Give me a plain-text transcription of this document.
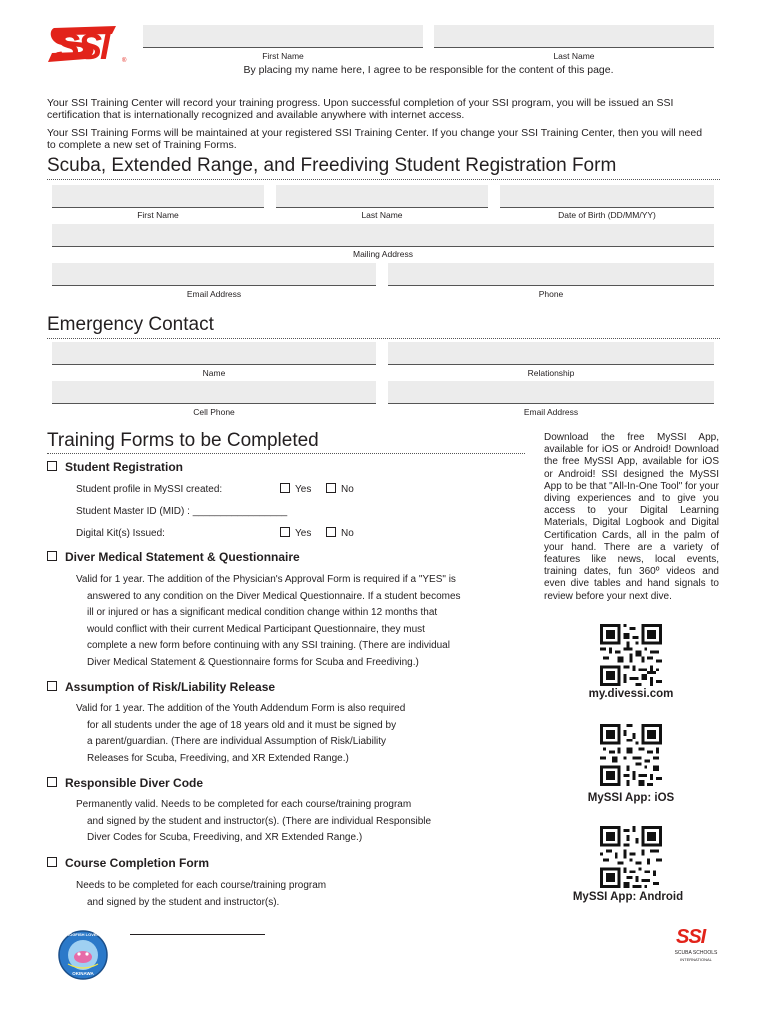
SSI ®	First Name	Last Name
By placing my name here, I agree to be responsible for the content of this page.
Your SSI Training Center will record your training progress. Upon successful completion of your SSI program, you will be issued an SSI
certification that is internationally recognized and available anywhere with internet access.
Your SSI Training Forms will be maintained at your registered SSI Training Center. If you change your SSI Training Center, then you will need
to complete a new set of Training Forms.
Scuba, Extended Range, and Freediving Student Registration Form
First Name	Last Name	Date of Birth (DD/MM/YY)
Mailing Address
Email Address	Phone
Emergency Contact
Name	Relationship
Cell Phone	Email Address
Training Forms to be Completed
Student Registration
Student profile in MySSI created:	Yes	No
Student Master ID (MID) : _________________
Digital Kit(s) Issued:	Yes	No
Diver Medical Statement & Questionnaire
Valid for 1 year. The addition of the Physician's Approval Form is required if a "YES" is
answered to any condition on the Diver Medical Questionnaire. If a student becomes
ill or injured or has a significant medical condition change within 12 months that
would conflict with their current Medical Participant Questionnaire, they must
complete a new form before continuing with any SSI training. (There are individual
Diver Medical Statement & Questionnaire forms for Scuba and Freediving.)
Assumption of Risk/Liability Release
Valid for 1 year. The addition of the Youth Addendum Form is also required
for all students under the age of 18 years old and it must be signed by
a parent/guardian. (There are individual Assumption of Risk/Liability
Releases for Scuba, Freediving, and XR Extended Range.)
Responsible Diver Code
Permanently valid. Needs to be completed for each course/training program
and signed by the student and instructor(s). (There are individual Responsible
Diver Codes for Scuba, Freediving, and XR Extended Range.)
Course Completion Form
Needs to be completed for each course/training program
and signed by the student and instructor(s).
Download the free MySSI App, available for iOS or Android! Download the free MySSI App, available for iOS or Android! SSI designed the MySSI App to be that "All-In-One Tool" for your diving experiences and to give you access to your Digital Learning Materials, Digital Logbook and Digital Certification Cards, all in the palm of your hand. There are a variety of features like news, local events, training dates, fun 360º videos and even dive tables and hand signals to review before your next dive.
my.divessi.com
MySSI App: iOS
MySSI App: Android
FROGFISH LOVERS
OKINAWA
SSI
SCUBA SCHOOLS
INTERNATIONAL
